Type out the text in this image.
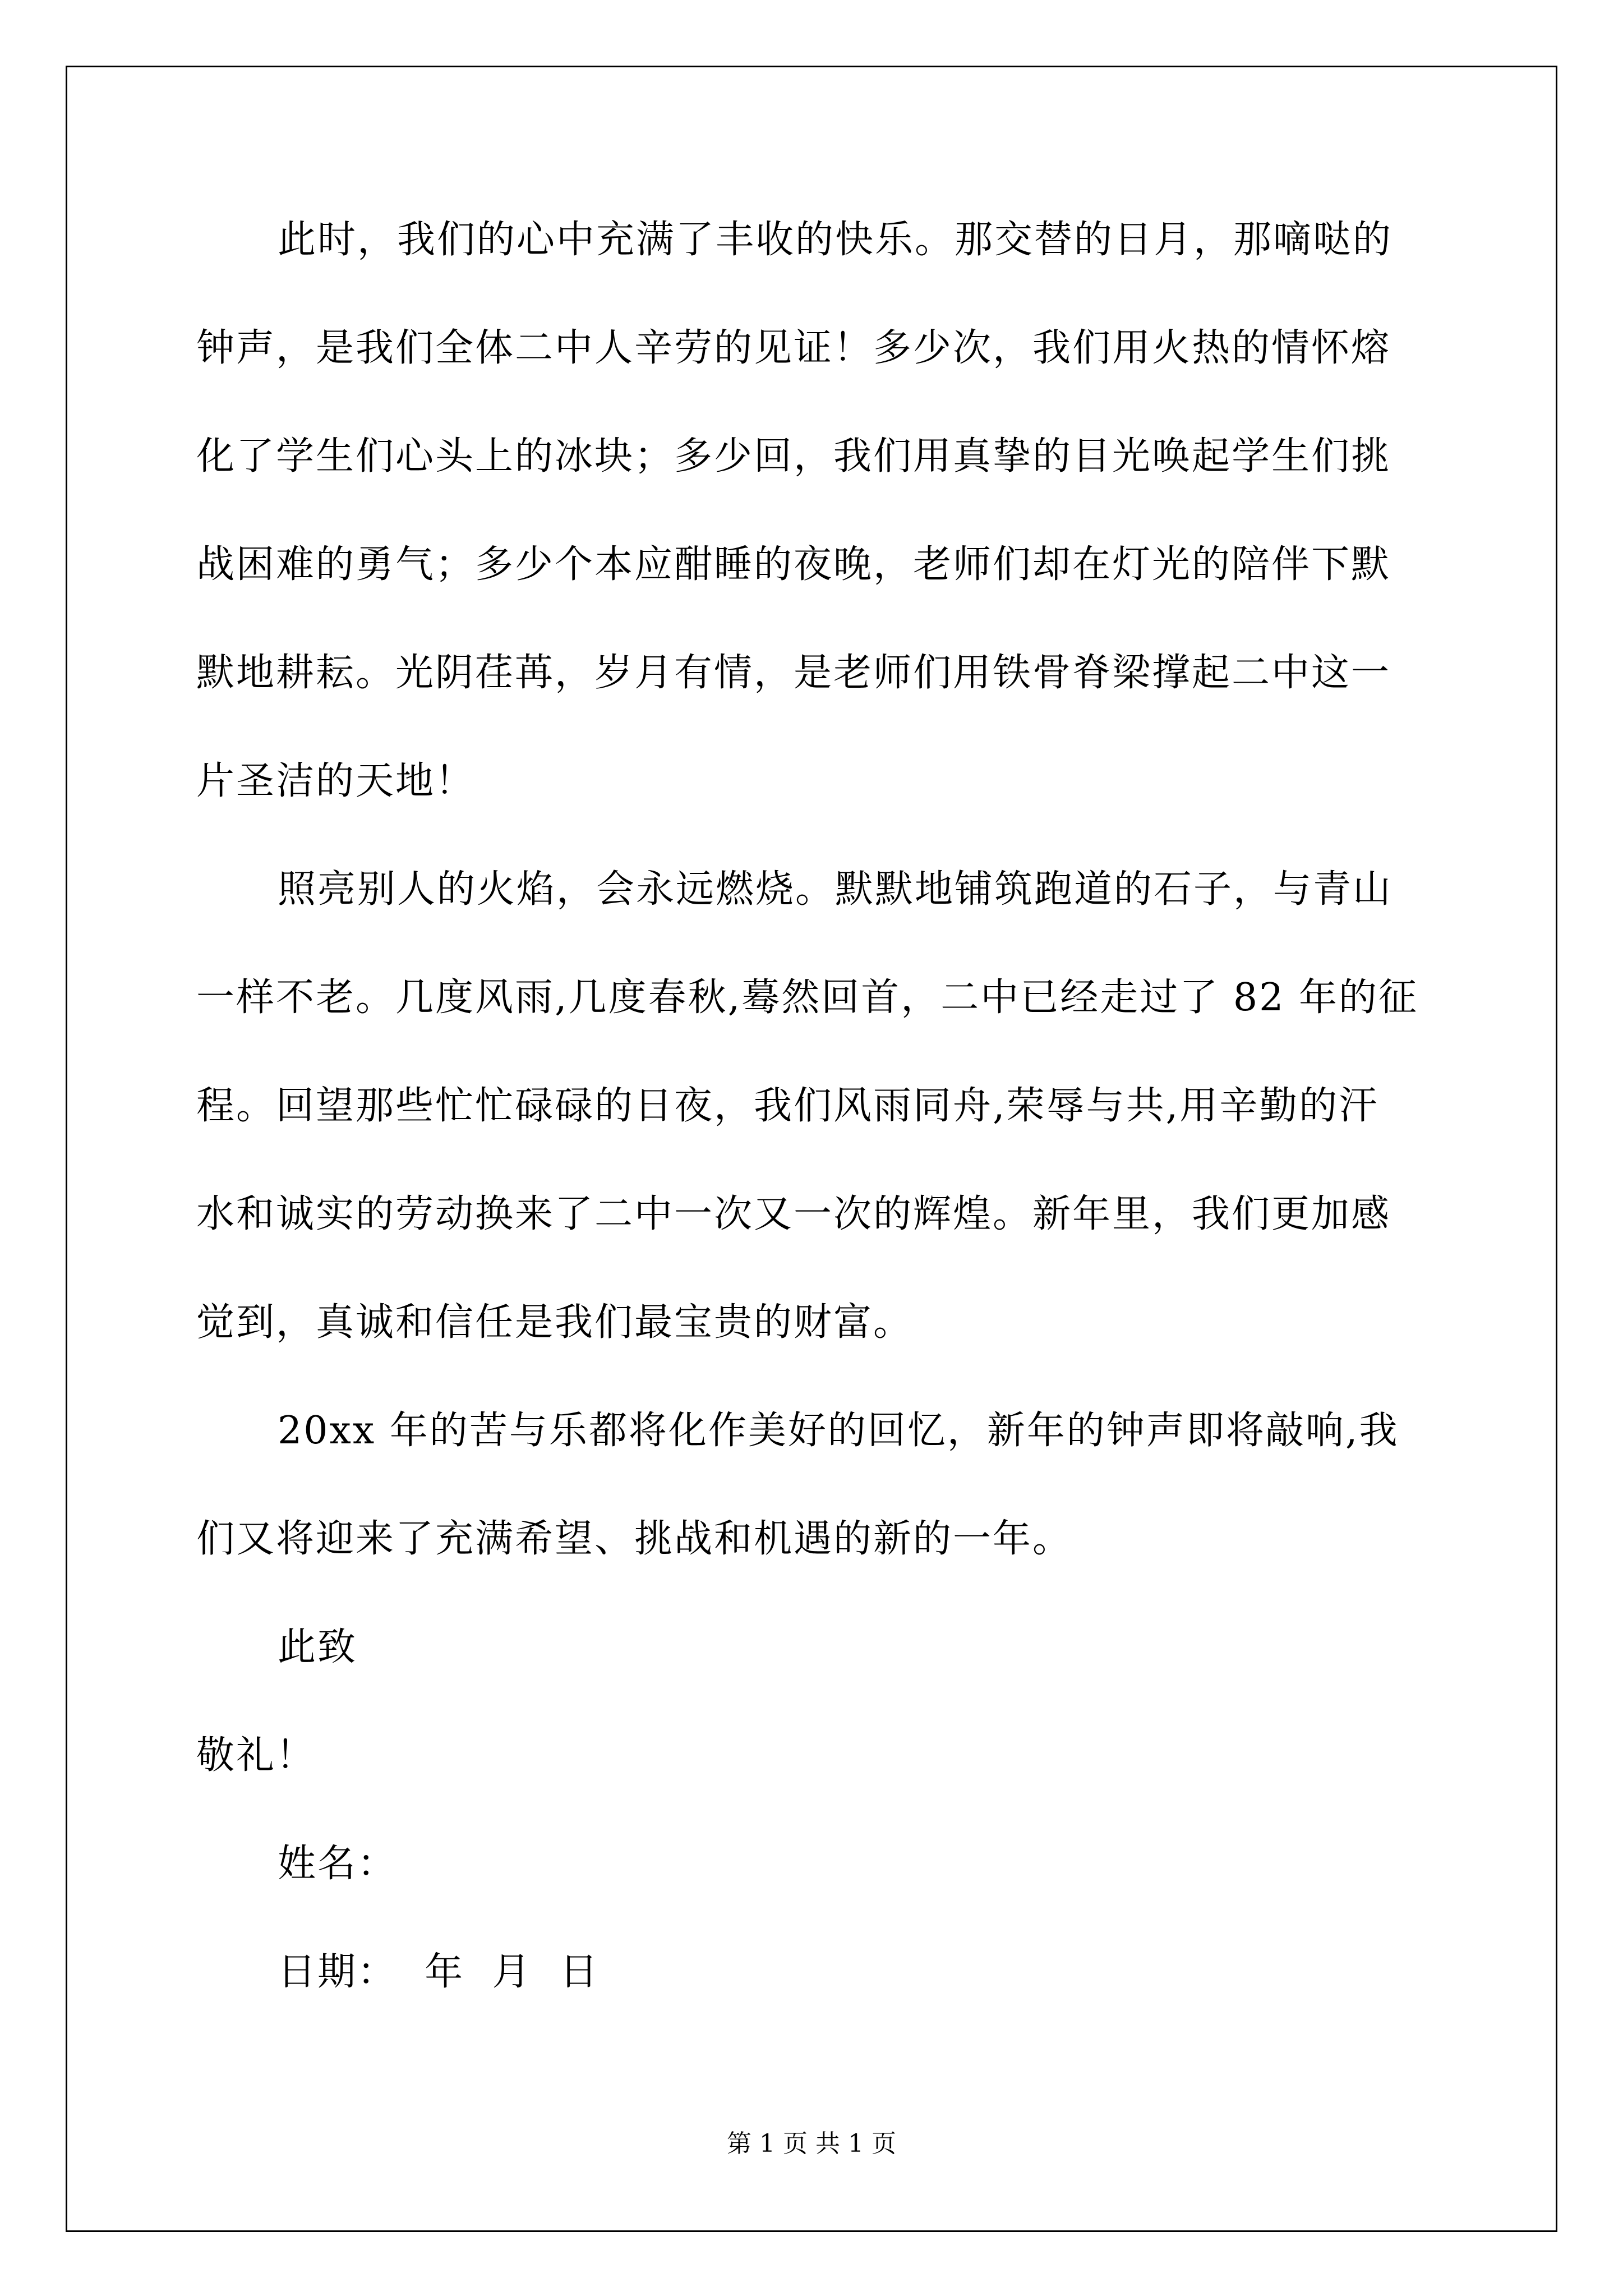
此时，我们的心中充满了丰收的快乐。那交替的日月，那嘀哒的
钟声，是我们全体二中人辛劳的见证！多少次，我们用火热的情怀熔
化了学生们心头上的冰块；多少回，我们用真挚的目光唤起学生们挑
战困难的勇气；多少个本应酣睡的夜晚，老师们却在灯光的陪伴下默
默地耕耘。光阴荏苒，岁月有情，是老师们用铁骨脊梁撑起二中这一
片圣洁的天地！
照亮别人的火焰，会永远燃烧。默默地铺筑跑道的石子，与青山
一样不老。几度风雨,几度春秋,蓦然回首，二中已经走过了 82 年的征
程。回望那些忙忙碌碌的日夜，我们风雨同舟,荣辱与共,用辛勤的汗
水和诚实的劳动换来了二中一次又一次的辉煌。新年里，我们更加感
觉到，真诚和信任是我们最宝贵的财富。
20xx 年的苦与乐都将化作美好的回忆，新年的钟声即将敲响,我
们又将迎来了充满希望、挑战和机遇的新的一年。
此致
敬礼！
姓名：
日期：  年  月  日
第 1 页 共 1 页
